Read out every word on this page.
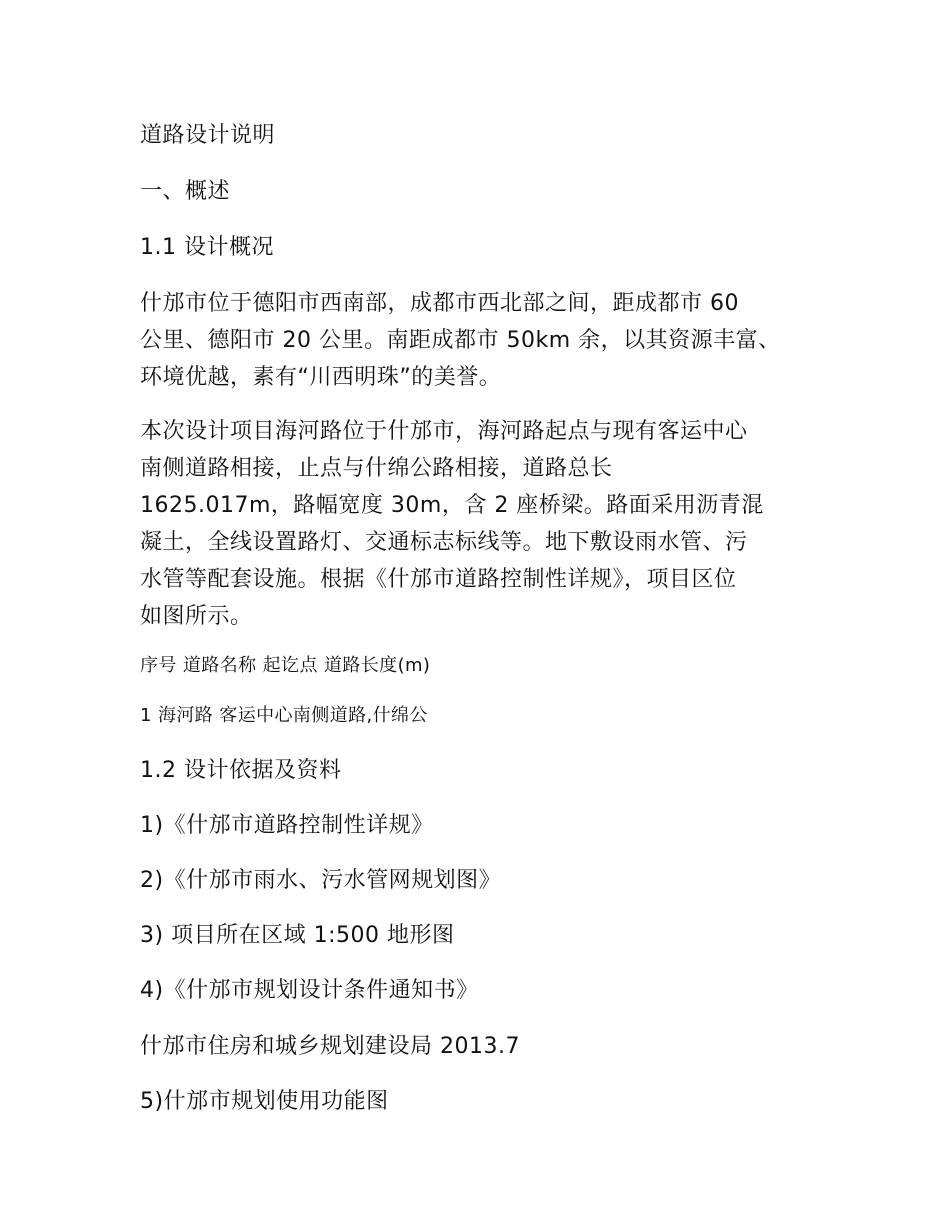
道路设计说明
一、概述
1.1 设计概况
什邡市位于德阳市西南部，成都市西北部之间，距成都市 60
公里、德阳市 20 公里。南距成都市 50km 余，以其资源丰富、
环境优越，素有“川西明珠”的美誉。
本次设计项目海河路位于什邡市，海河路起点与现有客运中心
南侧道路相接，止点与什绵公路相接，道路总长
1625.017m，路幅宽度 30m，含 2 座桥梁。路面采用沥青混
凝土，全线设置路灯、交通标志标线等。地下敷设雨水管、污
水管等配套设施。根据《什邡市道路控制性详规》，项目区位
如图所示。
序号 道路名称 起讫点 道路长度(m)
1 海河路 客运中心南侧道路,什绵公
1.2 设计依据及资料
1)《什邡市道路控制性详规》
2)《什邡市雨水、污水管网规划图》
3) 项目所在区域 1:500 地形图
4)《什邡市规划设计条件通知书》
什邡市住房和城乡规划建设局 2013.7
5)什邡市规划使用功能图
